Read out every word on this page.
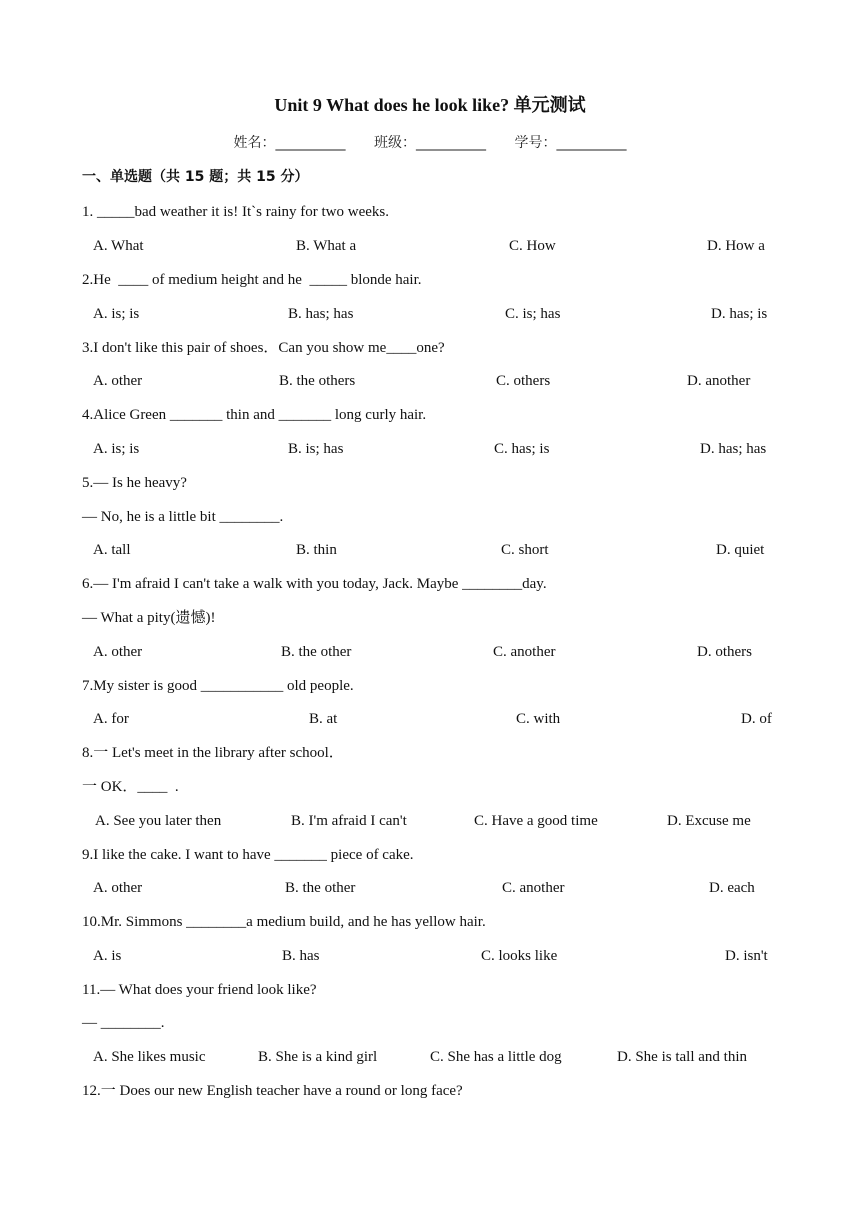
Unit 9 What does he look like? 单元测试
姓名：__________ 班级：__________ 学号：__________
一、单选题（共 15 题；共 15 分）
1. _____bad weather it is! It`s rainy for two weeks.
A. What	B. What a	C. How	D. How a
2.He  ____ of medium height and he  _____ blonde hair.
A. is; is	B. has; has	C. is; has	D. has; is
3.I don't like this pair of shoes．Can you show me____one?
A. other	B. the others	C. others	D. another
4.Alice Green _______ thin and _______ long curly hair.
A. is; is	B. is; has	C. has; is	D. has; has
5.— Is he heavy?
— No, he is a little bit ________.
A. tall	B. thin	C. short	D. quiet
6.— I'm afraid I can't take a walk with you today, Jack. Maybe ________day.
— What a pity(遗憾)!
A. other	B. the other	C. another	D. others
7.My sister is good ___________ old people.
A. for	B. at	C. with	D. of
8.一 Let's meet in the library after school．
一 OK．____  .
A. See you later then	B. I'm afraid I can't	C. Have a good time	D. Excuse me
9.I like the cake. I want to have _______ piece of cake.
A. other	B. the other	C. another	D. each
10.Mr. Simmons ________a medium build, and he has yellow hair.
A. is	B. has	C. looks like	D. isn't
11.— What does your friend look like?
— ________.
A. She likes music	B. She is a kind girl	C. She has a little dog	D. She is tall and thin
12.一 Does our new English teacher have a round or long face?
